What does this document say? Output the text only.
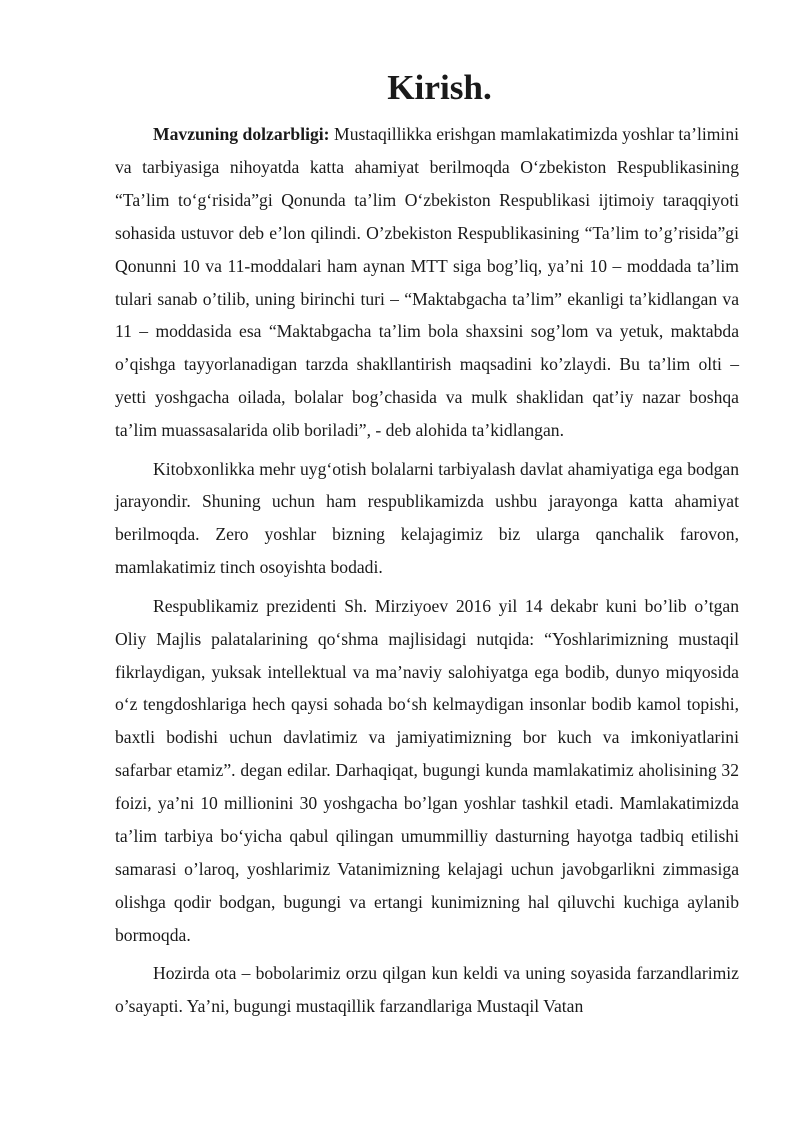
Kirish.

Mavzuning dolzarbligi: Mustaqillikka erishgan mamlakatimizda yoshlar ta’limini va tarbiyasiga nihoyatda katta ahamiyat berilmoqda O‘zbekiston Respublikasining “Ta’lim to‘g‘risida”gi Qonunda ta’lim O‘zbekiston Respublikasi ijtimoiy taraqqiyoti sohasida ustuvor deb e’lon qilindi. O’zbekiston Respublikasining “Ta’lim to’g’risida”gi Qonunni 10 va 11-moddalari ham aynan MTT siga bog’liq, ya’ni 10 – moddada ta’lim tulari sanab o’tilib, uning birinchi turi – “Maktabgacha ta’lim” ekanligi ta’kidlangan va 11 – moddasida esa “Maktabgacha ta’lim bola shaxsini sog’lom va yetuk, maktabda o’qishga tayyorlanadigan tarzda shakllantirish maqsadini ko’zlaydi. Bu ta’lim olti – yetti yoshgacha oilada, bolalar bog’chasida va mulk shaklidan qat’iy nazar boshqa ta’lim muassasalarida olib boriladi”, - deb alohida ta’kidlangan.

Kitobxonlikka mehr uyg‘otish bolalarni tarbiyalash davlat ahamiyatiga ega bodgan jarayondir. Shuning uchun ham respublikamizda ushbu jarayonga katta ahamiyat berilmoqda. Zero yoshlar bizning kelajagimiz biz ularga qanchalik farovon, mamlakatimiz tinch osoyishta bodadi.

Respublikamiz prezidenti Sh. Mirziyoev 2016 yil 14 dekabr kuni bo’lib o’tgan Oliy Majlis palatalarining qo‘shma majlisidagi nutqida: “Yoshlarimizning mustaqil fikrlaydigan, yuksak intellektual va ma’naviy salohiyatga ega bodib, dunyo miqyosida o‘z tengdoshlariga hech qaysi sohada bo‘sh kelmaydigan insonlar bodib kamol topishi, baxtli bodishi uchun davlatimiz va jamiyatimizning bor kuch va imkoniyatlarini safarbar etamiz”. degan edilar. Darhaqiqat, bugungi kunda mamlakatimiz aholisining 32 foizi, ya’ni 10 millionini 30 yoshgacha bo’lgan yoshlar tashkil etadi. Mamlakatimizda ta’lim tarbiya bo‘yicha qabul qilingan umummilliy dasturning hayotga tadbiq etilishi samarasi o’laroq, yoshlarimiz Vatanimizning kelajagi uchun javobgarlikni zimmasiga olishga qodir bodgan, bugungi va ertangi kunimizning hal qiluvchi kuchiga aylanib bormoqda.

Hozirda ota – bobolarimiz orzu qilgan kun keldi va uning soyasida farzandlarimiz o’sayapti. Ya’ni, bugungi mustaqillik farzandlariga Mustaqil Vatan
